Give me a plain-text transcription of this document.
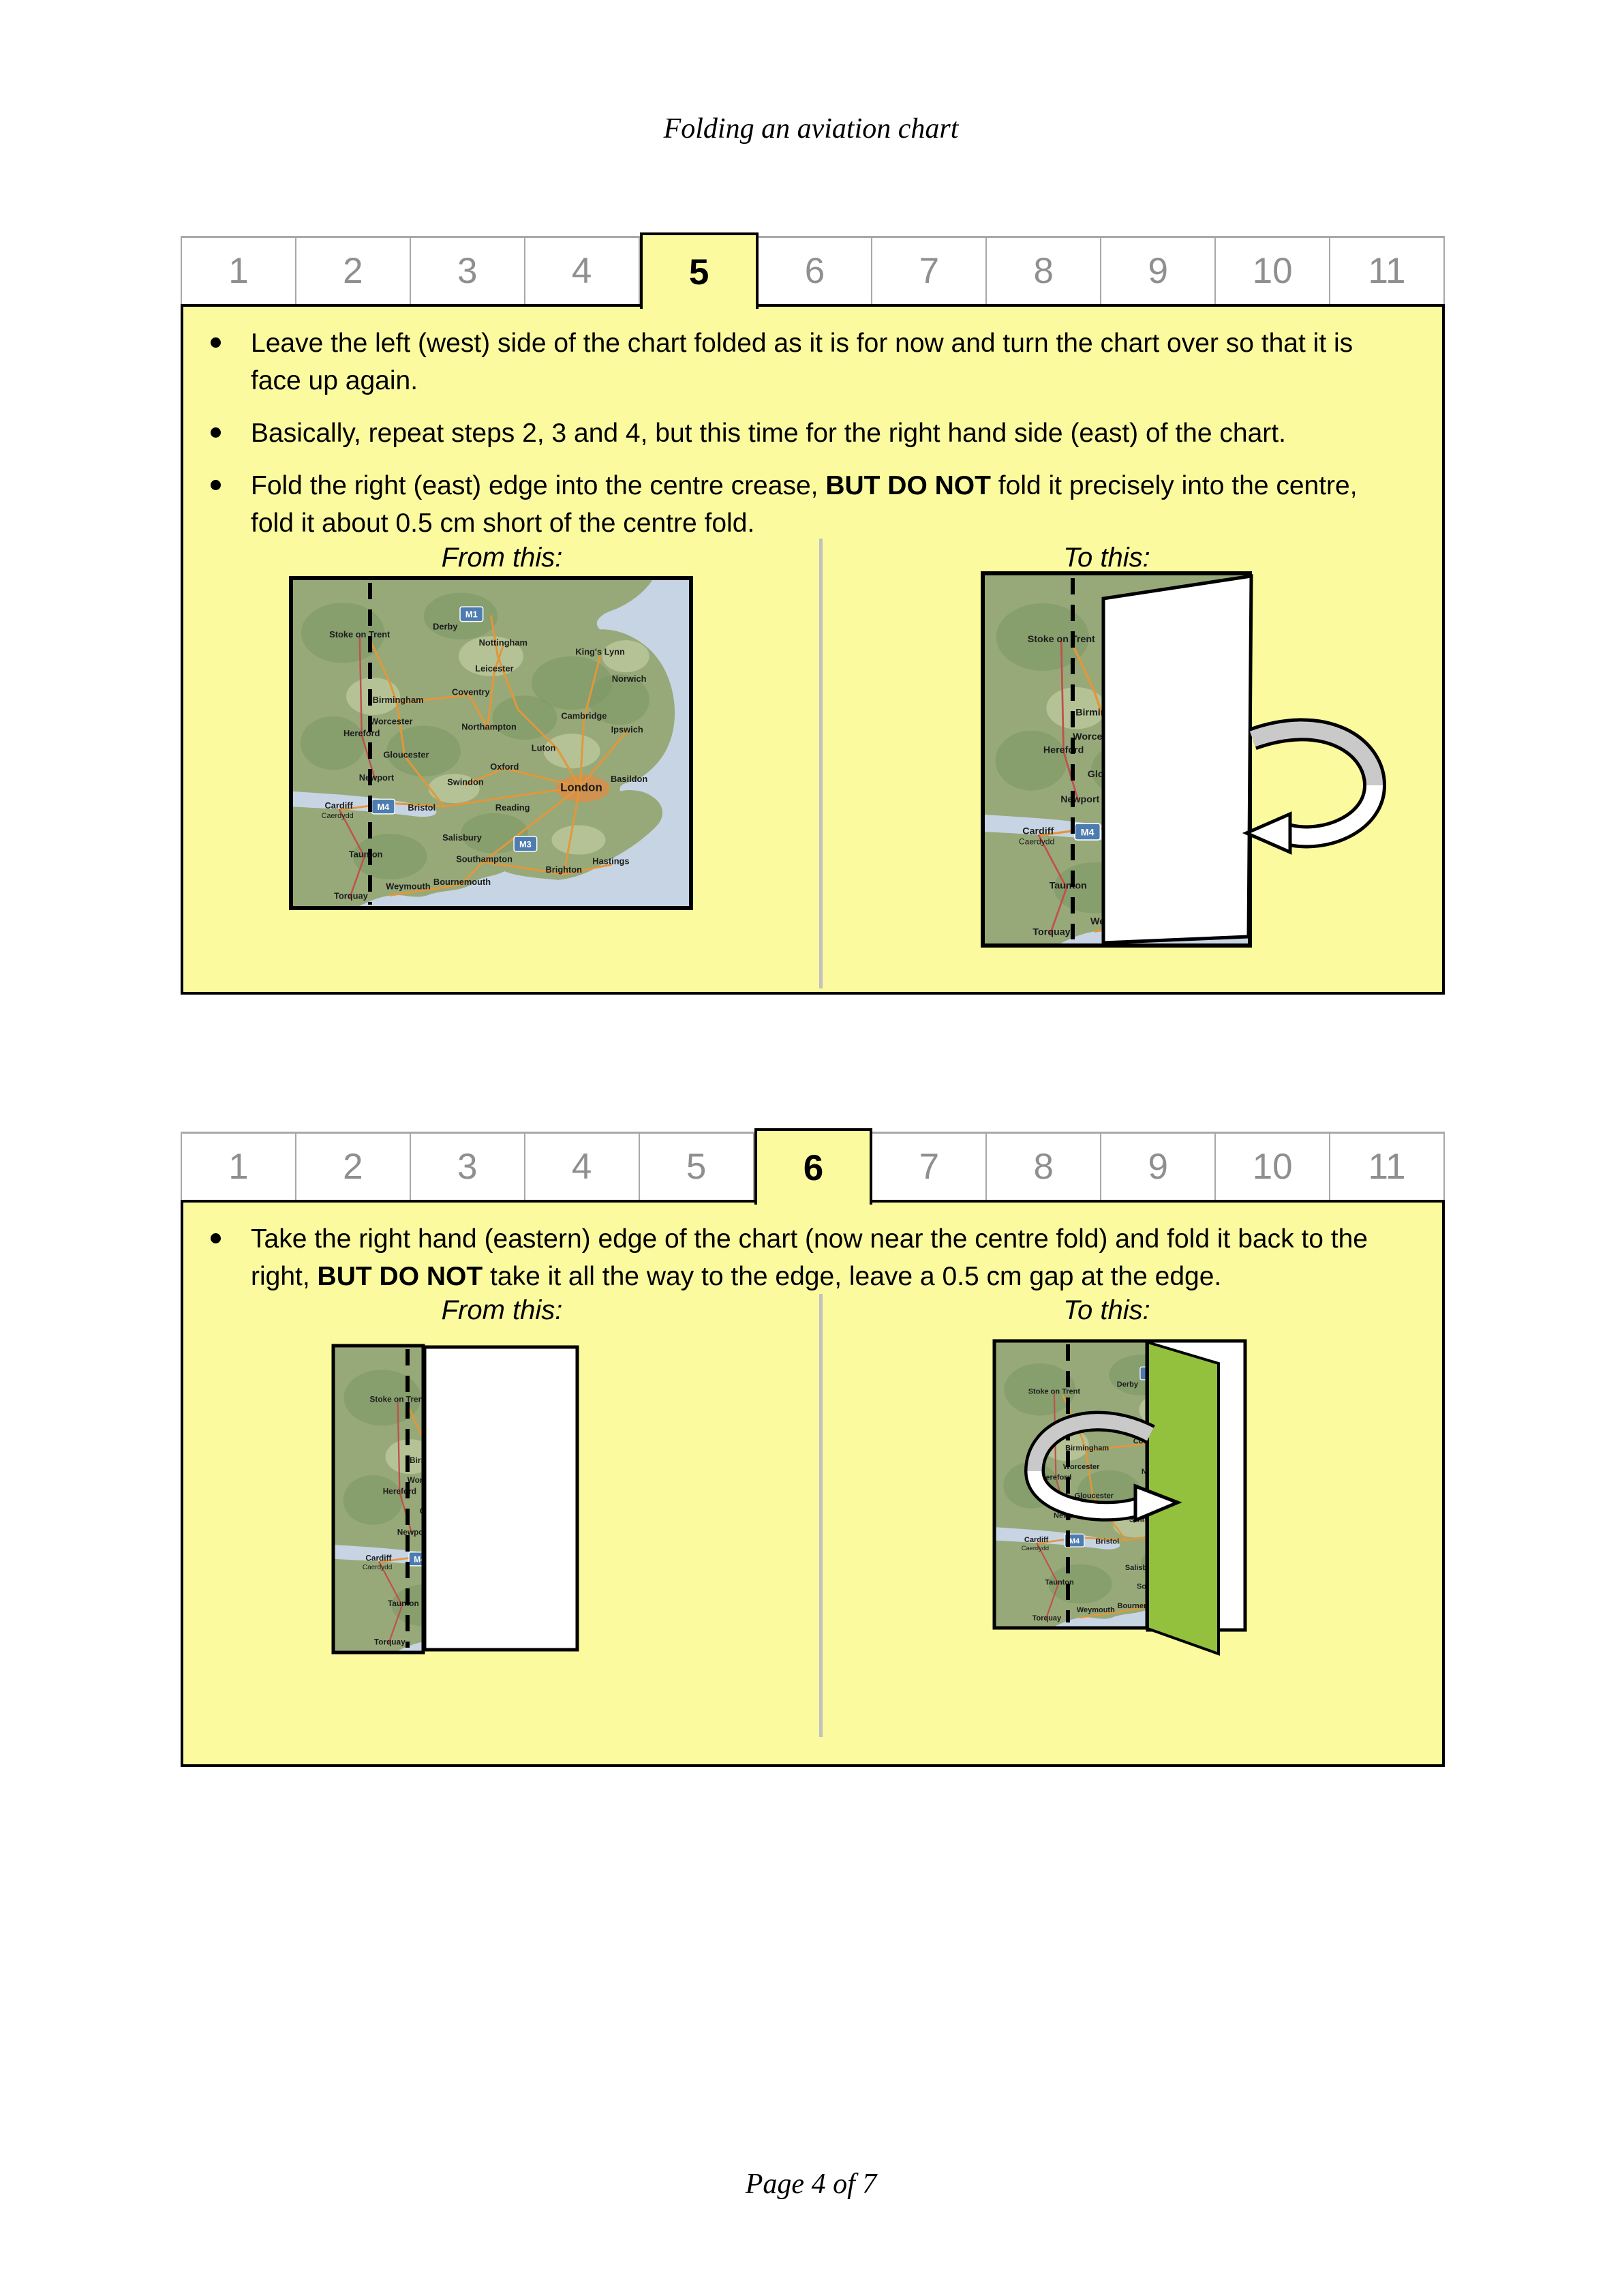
Folding an aviation chart
1	2	3	4	5	6	7	8	9	10	11
Leave the left (west) side of the chart folded as it is for now and turn the chart over so that it is face up again.
Basically, repeat steps 2, 3 and 4, but this time for the right hand side (east) of the chart.
Fold the right (east) edge into the centre crease, BUT DO NOT fold it precisely into the centre, fold it about 0.5 cm short of the centre fold.
From this:	To this:
1	2	3	4	5	6	7	8	9	10	11
Take the right hand (eastern) edge of the chart (now near the centre fold) and fold it back to the right, BUT DO NOT take it all the way to the edge, leave a 0.5 cm gap at the edge.
From this:	To this:
Page 4 of 7
